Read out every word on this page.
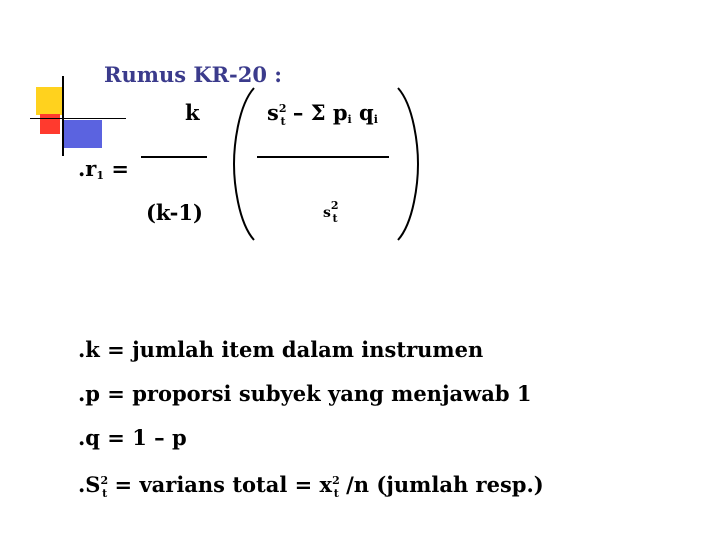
Rumus KR-20 :
k	$s^2_t$ – Σ $p_i$ $q_i$
$.r_1$ =
(k-1)	$s^2_t$
.k = jumlah item dalam instrumen
.p = proporsi subyek yang menjawab 1
.q = 1 – p
$.S^2_t$ = varians total = $x^2_t$ /n (jumlah resp.)
